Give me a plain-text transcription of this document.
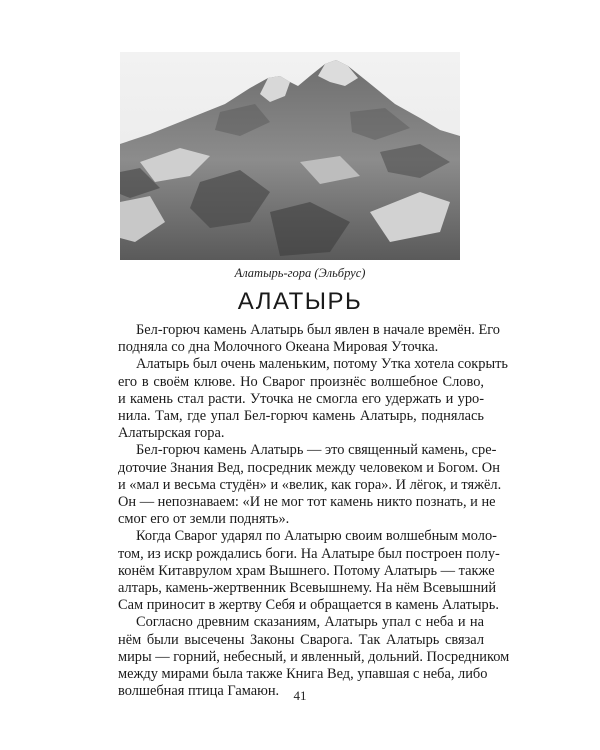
Алатырь-гора (Эльбрус)
АЛАТЫРЬ

Бел-горюч камень Алатырь был явлен в начале времён. Его
подняла со дна Молочного Океана Мировая Уточка.

Алатырь был очень маленьким, потому Утка хотела сокрыть
его в своём клюве. Но Сварог произнёс волшебное Слово,
и камень стал расти. Уточка не смогла его удержать и уро-
нила. Там, где упал Бел-горюч камень Алатырь, поднялась
Алатырская гора.

Бел-горюч камень Алатырь — это священный камень, сре-
доточие Знания Вед, посредник между человеком и Богом. Он
и «мал и весьма студён» и «велик, как гора». И лёгок, и тяжёл.
Он — непознаваем: «И не мог тот камень никто познать, и не
смог его от земли поднять».

Когда Сварог ударял по Алатырю своим волшебным моло-
том, из искр рождались боги. На Алатыре был построен полу-
конём Китаврулом храм Вышнего. Потому Алатырь — также
алтарь, камень-жертвенник Всевышнему. На нём Всевышний
Сам приносит в жертву Себя и обращается в камень Алатырь.

Согласно древним сказаниям, Алатырь упал с неба и на
нём были высечены Законы Сварога. Так Алатырь связал
миры — горний, небесный, и явленный, дольний. Посредником
между мирами была также Книга Вед, упавшая с неба, либо
волшебная птица Гамаюн.	41
